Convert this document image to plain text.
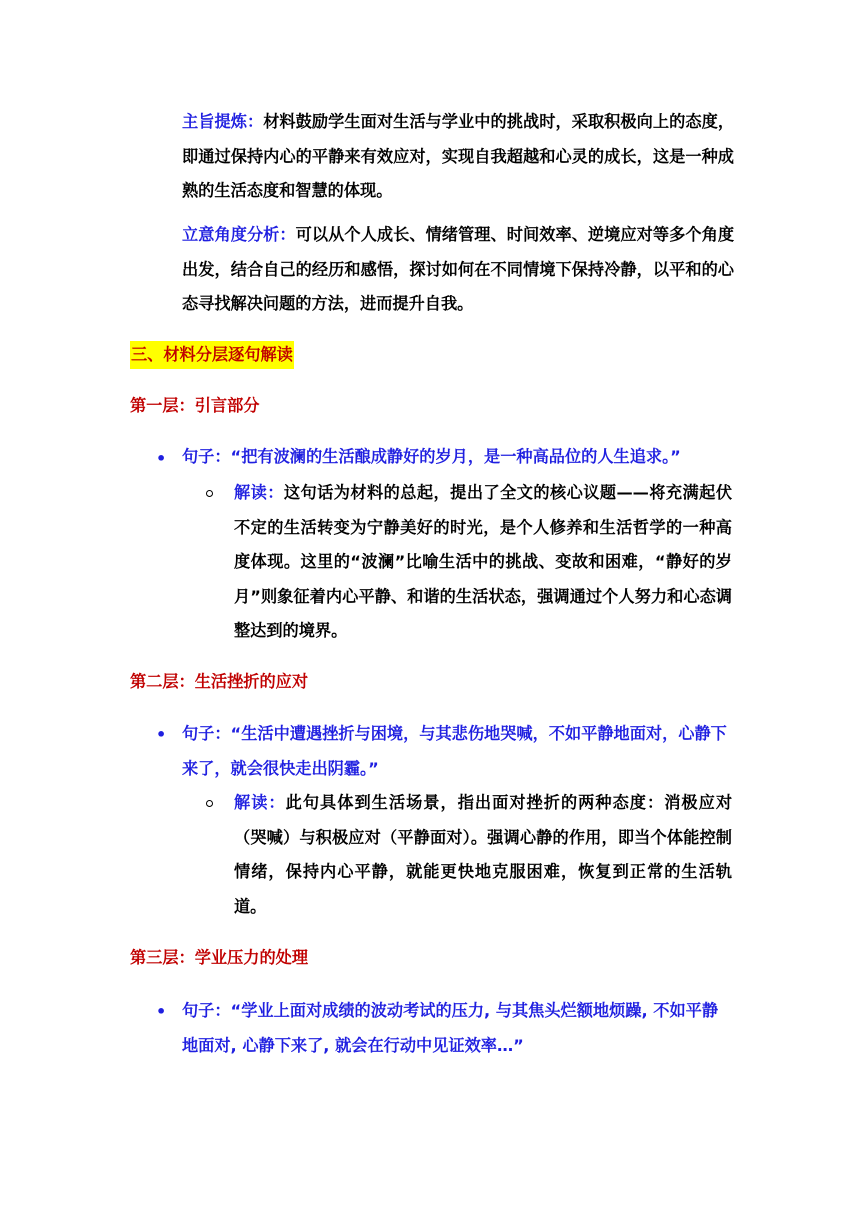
主旨提炼：材料鼓励学生面对生活与学业中的挑战时，采取积极向上的态度，即通过保持内心的平静来有效应对，实现自我超越和心灵的成长，这是一种成熟的生活态度和智慧的体现。
立意角度分析：可以从个人成长、情绪管理、时间效率、逆境应对等多个角度出发，结合自己的经历和感悟，探讨如何在不同情境下保持冷静，以平和的心态寻找解决问题的方法，进而提升自我。
三、材料分层逐句解读
第一层：引言部分
• 句子：“把有波澜的生活酿成静好的岁月，是一种高品位的人生追求。”
解读：这句话为材料的总起，提出了全文的核心议题——将充满起伏不定的生活转变为宁静美好的时光，是个人修养和生活哲学的一种高度体现。这里的“波澜”比喻生活中的挑战、变故和困难，“静好的岁月”则象征着内心平静、和谐的生活状态，强调通过个人努力和心态调整达到的境界。
第二层：生活挫折的应对
• 句子：“生活中遭遇挫折与困境，与其悲伤地哭喊，不如平静地面对，心静下来了，就会很快走出阴霾。”
解读：此句具体到生活场景，指出面对挫折的两种态度：消极应对（哭喊）与积极应对（平静面对）。强调心静的作用，即当个体能控制情绪，保持内心平静，就能更快地克服困难，恢复到正常的生活轨道。
第三层：学业压力的处理
• 句子：“学业上面对成绩的波动考试的压力, 与其焦头烂额地烦躁, 不如平静地面对, 心静下来了, 就会在行动中见证效率…”
